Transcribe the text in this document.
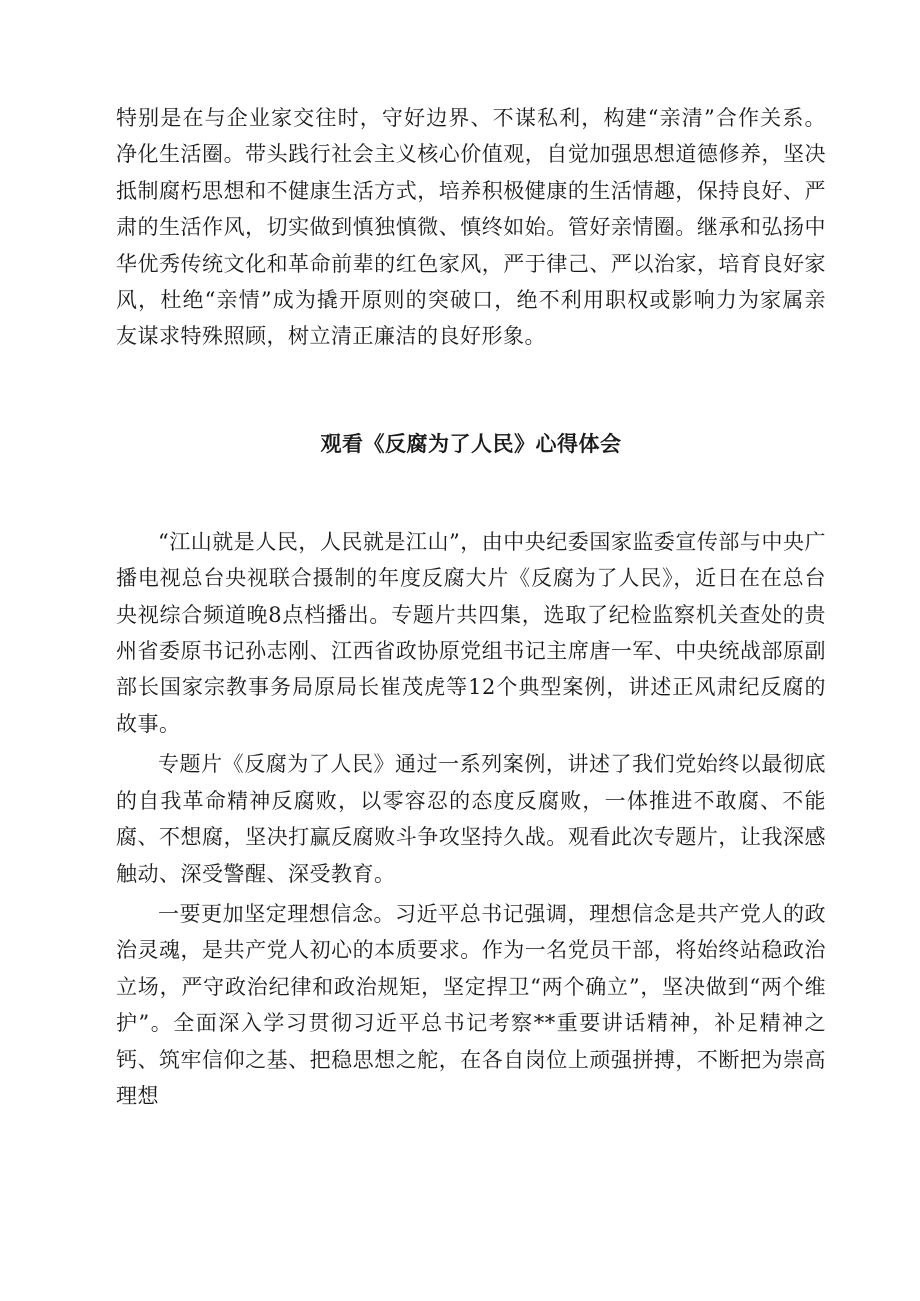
特别是在与企业家交往时，守好边界、不谋私利，构建“亲清”合作关系。净化生活圈。带头践行社会主义核心价值观，自觉加强思想道德修养，坚决抵制腐朽思想和不健康生活方式，培养积极健康的生活情趣，保持良好、严肃的生活作风，切实做到慎独慎微、慎终如始。管好亲情圈。继承和弘扬中华优秀传统文化和革命前辈的红色家风，严于律己、严以治家，培育良好家风，杜绝“亲情”成为撬开原则的突破口，绝不利用职权或影响力为家属亲友谋求特殊照顾，树立清正廉洁的良好形象。

观看《反腐为了人民》心得体会

“江山就是人民，人民就是江山”，由中央纪委国家监委宣传部与中央广播电视总台央视联合摄制的年度反腐大片《反腐为了人民》，近日在在总台央视综合频道晚8点档播出。专题片共四集，选取了纪检监察机关查处的贵州省委原书记孙志刚、江西省政协原党组书记主席唐一军、中央统战部原副部长国家宗教事务局原局长崔茂虎等12个典型案例，讲述正风肃纪反腐的故事。

专题片《反腐为了人民》通过一系列案例，讲述了我们党始终以最彻底的自我革命精神反腐败，以零容忍的态度反腐败，一体推进不敢腐、不能腐、不想腐，坚决打赢反腐败斗争攻坚持久战。观看此次专题片，让我深感触动、深受警醒、深受教育。

一要更加坚定理想信念。习近平总书记强调，理想信念是共产党人的政治灵魂，是共产党人初心的本质要求。作为一名党员干部，将始终站稳政治立场，严守政治纪律和政治规矩，坚定捍卫“两个确立”，坚决做到“两个维护”。全面深入学习贯彻习近平总书记考察**重要讲话精神，补足精神之钙、筑牢信仰之基、把稳思想之舵，在各自岗位上顽强拼搏，不断把为崇高理想
